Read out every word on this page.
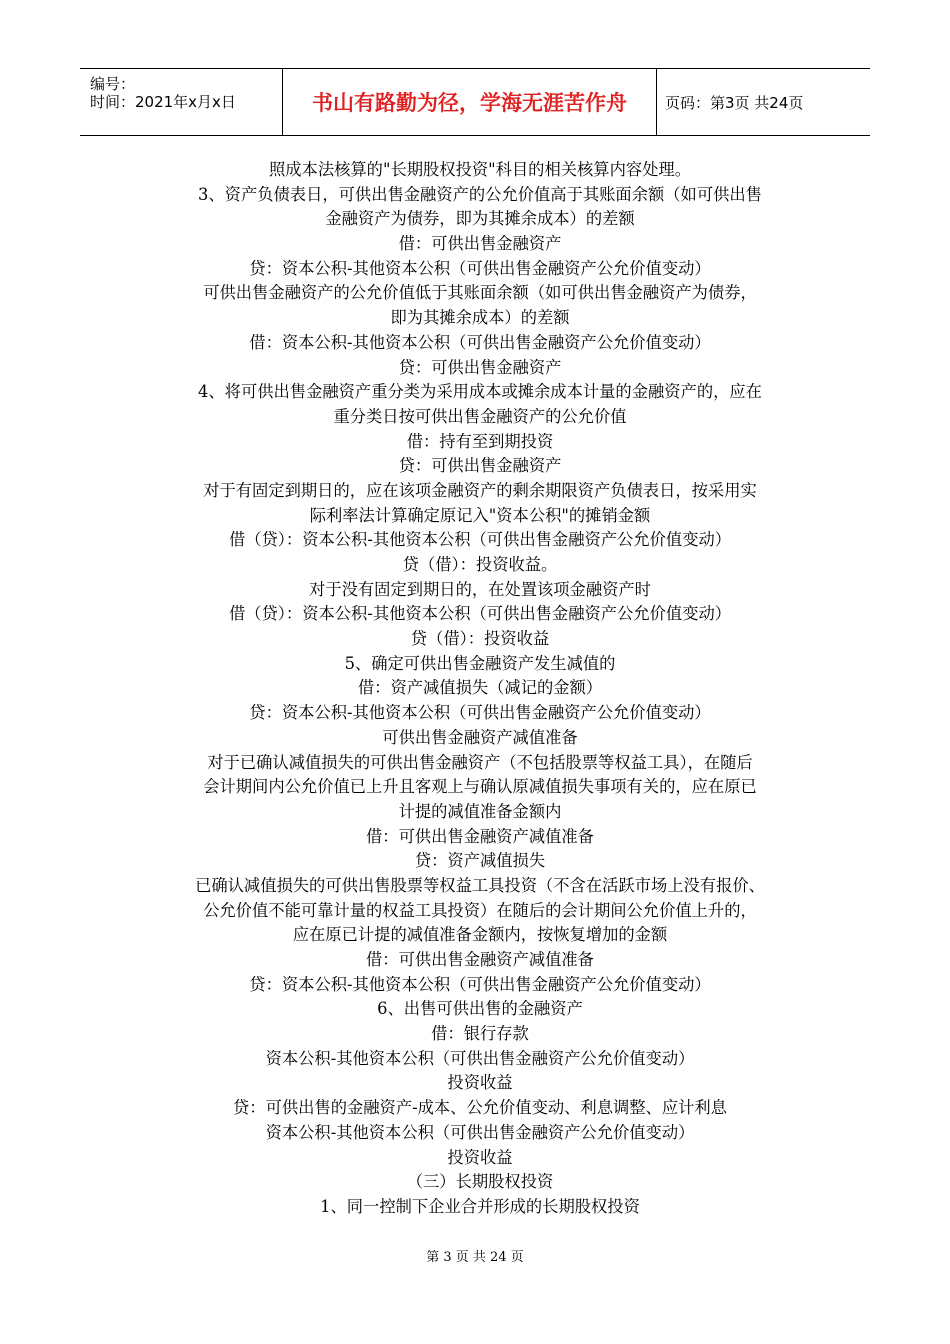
编号：
时间：2021年x月x日	书山有路勤为径，学海无涯苦作舟	页码：第3页 共24页
照成本法核算的"长期股权投资"科目的相关核算内容处理。
3、资产负债表日，可供出售金融资产的公允价值高于其账面余额（如可供出售
金融资产为债券，即为其摊余成本）的差额
借：可供出售金融资产
贷：资本公积-其他资本公积（可供出售金融资产公允价值变动）
可供出售金融资产的公允价值低于其账面余额（如可供出售金融资产为债券，
即为其摊余成本）的差额
借：资本公积-其他资本公积（可供出售金融资产公允价值变动）
贷：可供出售金融资产
4、将可供出售金融资产重分类为采用成本或摊余成本计量的金融资产的，应在
重分类日按可供出售金融资产的公允价值
借：持有至到期投资
贷：可供出售金融资产
对于有固定到期日的，应在该项金融资产的剩余期限资产负债表日，按采用实
际利率法计算确定原记入"资本公积"的摊销金额
借（贷）：资本公积-其他资本公积（可供出售金融资产公允价值变动）
贷（借）：投资收益。
对于没有固定到期日的，在处置该项金融资产时
借（贷）：资本公积-其他资本公积（可供出售金融资产公允价值变动）
贷（借）：投资收益
5、确定可供出售金融资产发生减值的
借：资产减值损失（减记的金额）
贷：资本公积-其他资本公积（可供出售金融资产公允价值变动）
可供出售金融资产减值准备
对于已确认减值损失的可供出售金融资产（不包括股票等权益工具），在随后
会计期间内公允价值已上升且客观上与确认原减值损失事项有关的，应在原已
计提的减值准备金额内
借：可供出售金融资产减值准备
贷：资产减值损失
已确认减值损失的可供出售股票等权益工具投资（不含在活跃市场上没有报价、
公允价值不能可靠计量的权益工具投资）在随后的会计期间公允价值上升的，
应在原已计提的减值准备金额内，按恢复增加的金额
借：可供出售金融资产减值准备
贷：资本公积-其他资本公积（可供出售金融资产公允价值变动）
6、出售可供出售的金融资产
借：银行存款
资本公积-其他资本公积（可供出售金融资产公允价值变动）
投资收益
贷：可供出售的金融资产-成本、公允价值变动、利息调整、应计利息
资本公积-其他资本公积（可供出售金融资产公允价值变动）
投资收益
（三）长期股权投资
1、同一控制下企业合并形成的长期股权投资
第 3 页 共 24 页
